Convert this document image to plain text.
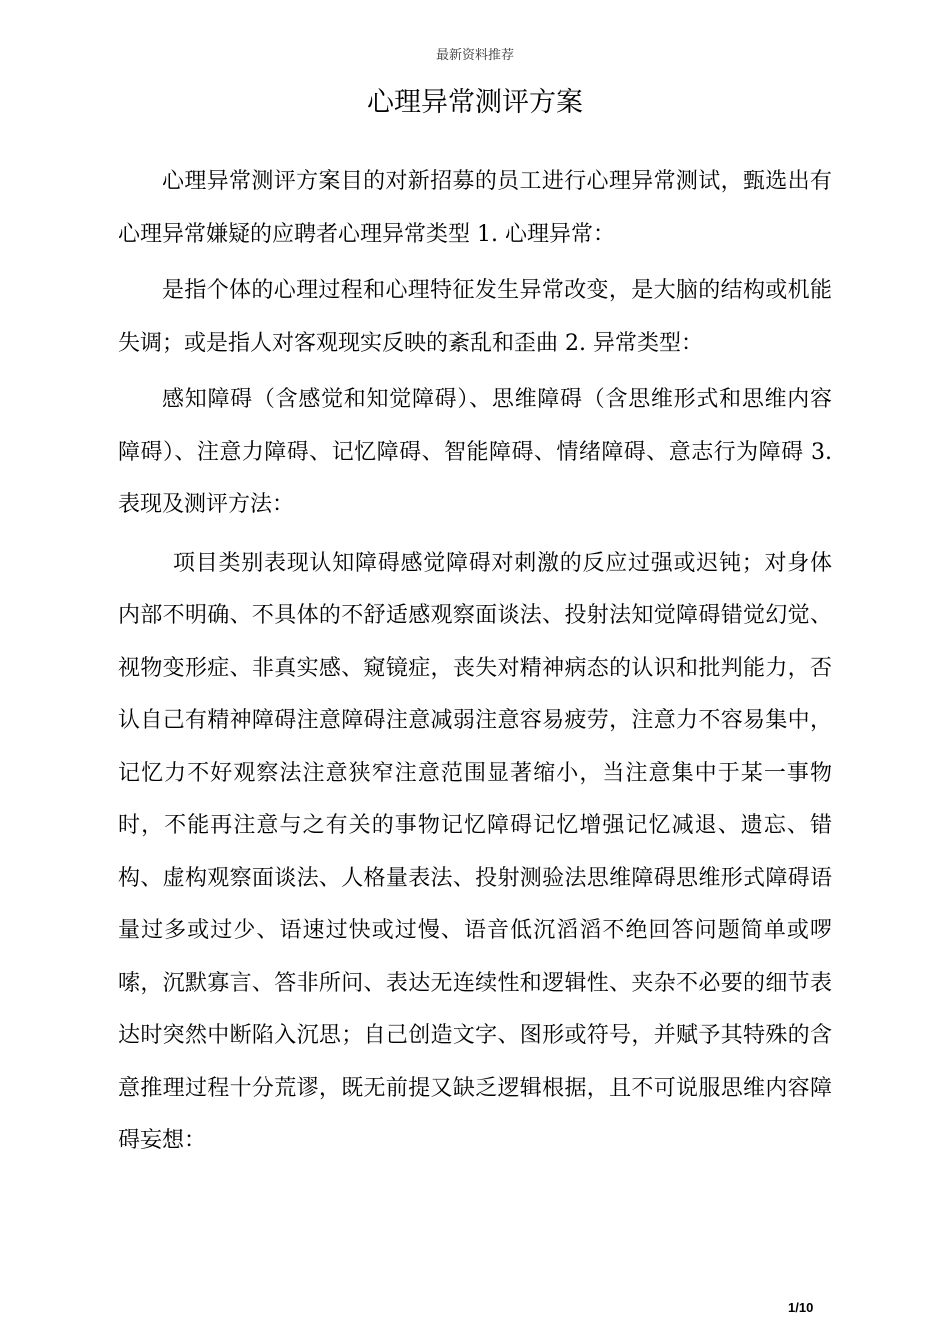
最新资料推荐
心理异常测评方案

心理异常测评方案目的对新招募的员工进行心理异常测试，甄选出有心理异常嫌疑的应聘者心理异常类型 1. 心理异常：

是指个体的心理过程和心理特征发生异常改变，是大脑的结构或机能失调；或是指人对客观现实反映的紊乱和歪曲 2. 异常类型：

感知障碍（含感觉和知觉障碍）、思维障碍（含思维形式和思维内容障碍）、注意力障碍、记忆障碍、智能障碍、情绪障碍、意志行为障碍 3. 表现及测评方法：

项目类别表现认知障碍感觉障碍对刺激的反应过强或迟钝；对身体内部不明确、不具体的不舒适感观察面谈法、投射法知觉障碍错觉幻觉、视物变形症、非真实感、窥镜症，丧失对精神病态的认识和批判能力，否认自己有精神障碍注意障碍注意减弱注意容易疲劳，注意力不容易集中，记忆力不好观察法注意狭窄注意范围显著缩小，当注意集中于某一事物时，不能再注意与之有关的事物记忆障碍记忆增强记忆减退、遗忘、错构、虚构观察面谈法、人格量表法、投射测验法思维障碍思维形式障碍语量过多或过少、语速过快或过慢、语音低沉滔滔不绝回答问题简单或啰嗦，沉默寡言、答非所问、表达无连续性和逻辑性、夹杂不必要的细节表达时突然中断陷入沉思；自己创造文字、图形或符号，并赋予其特殊的含意推理过程十分荒谬，既无前提又缺乏逻辑根据，且不可说服思维内容障碍妄想：

1/10
